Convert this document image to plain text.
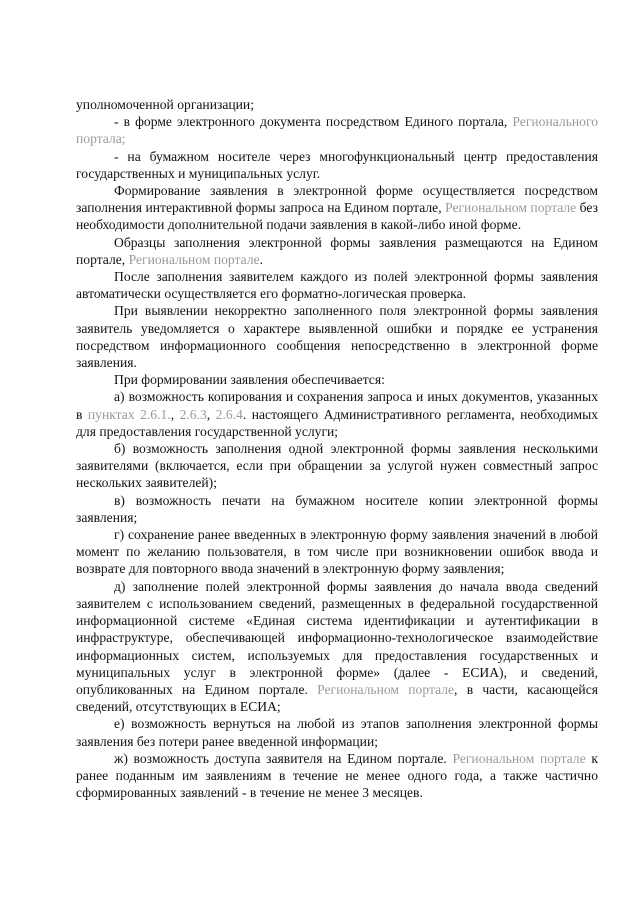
уполномоченной организации;

- в форме электронного документа посредством Единого портала, Регионального портала;

- на бумажном носителе через многофункциональный центр предоставления государственных и муниципальных услуг.

Формирование заявления в электронной форме осуществляется посредством заполнения интерактивной формы запроса на Едином портале, Региональном портале без необходимости дополнительной подачи заявления в какой-либо иной форме.

Образцы заполнения электронной формы заявления размещаются на Едином портале, Региональном портале.

После заполнения заявителем каждого из полей электронной формы заявления автоматически осуществляется его форматно-логическая проверка.

При выявлении некорректно заполненного поля электронной формы заявления заявитель уведомляется о характере выявленной ошибки и порядке ее устранения посредством информационного сообщения непосредственно в электронной форме заявления.

При формировании заявления обеспечивается:

а) возможность копирования и сохранения запроса и иных документов, указанных в пунктах 2.6.1., 2.6.3, 2.6.4. настоящего Административного регламента, необходимых для предоставления государственной услуги;

б) возможность заполнения одной электронной формы заявления несколькими заявителями (включается, если при обращении за услугой нужен совместный запрос нескольких заявителей);

в) возможность печати на бумажном носителе копии электронной формы заявления;

г) сохранение ранее введенных в электронную форму заявления значений в любой момент по желанию пользователя, в том числе при возникновении ошибок ввода и возврате для повторного ввода значений в электронную форму заявления;

д) заполнение полей электронной формы заявления до начала ввода сведений заявителем с использованием сведений, размещенных в федеральной государственной информационной системе «Единая система идентификации и аутентификации в инфраструктуре, обеспечивающей информационно-технологическое взаимодействие информационных систем, используемых для предоставления государственных и муниципальных услуг в электронной форме» (далее - ЕСИА), и сведений, опубликованных на Едином портале. Региональном портале, в части, касающейся сведений, отсутствующих в ЕСИА;

е) возможность вернуться на любой из этапов заполнения электронной формы заявления без потери ранее введенной информации;

ж) возможность доступа заявителя на Едином портале. Региональном портале к ранее поданным им заявлениям в течение не менее одного года, а также частично сформированных заявлений - в течение не менее 3 месяцев.
